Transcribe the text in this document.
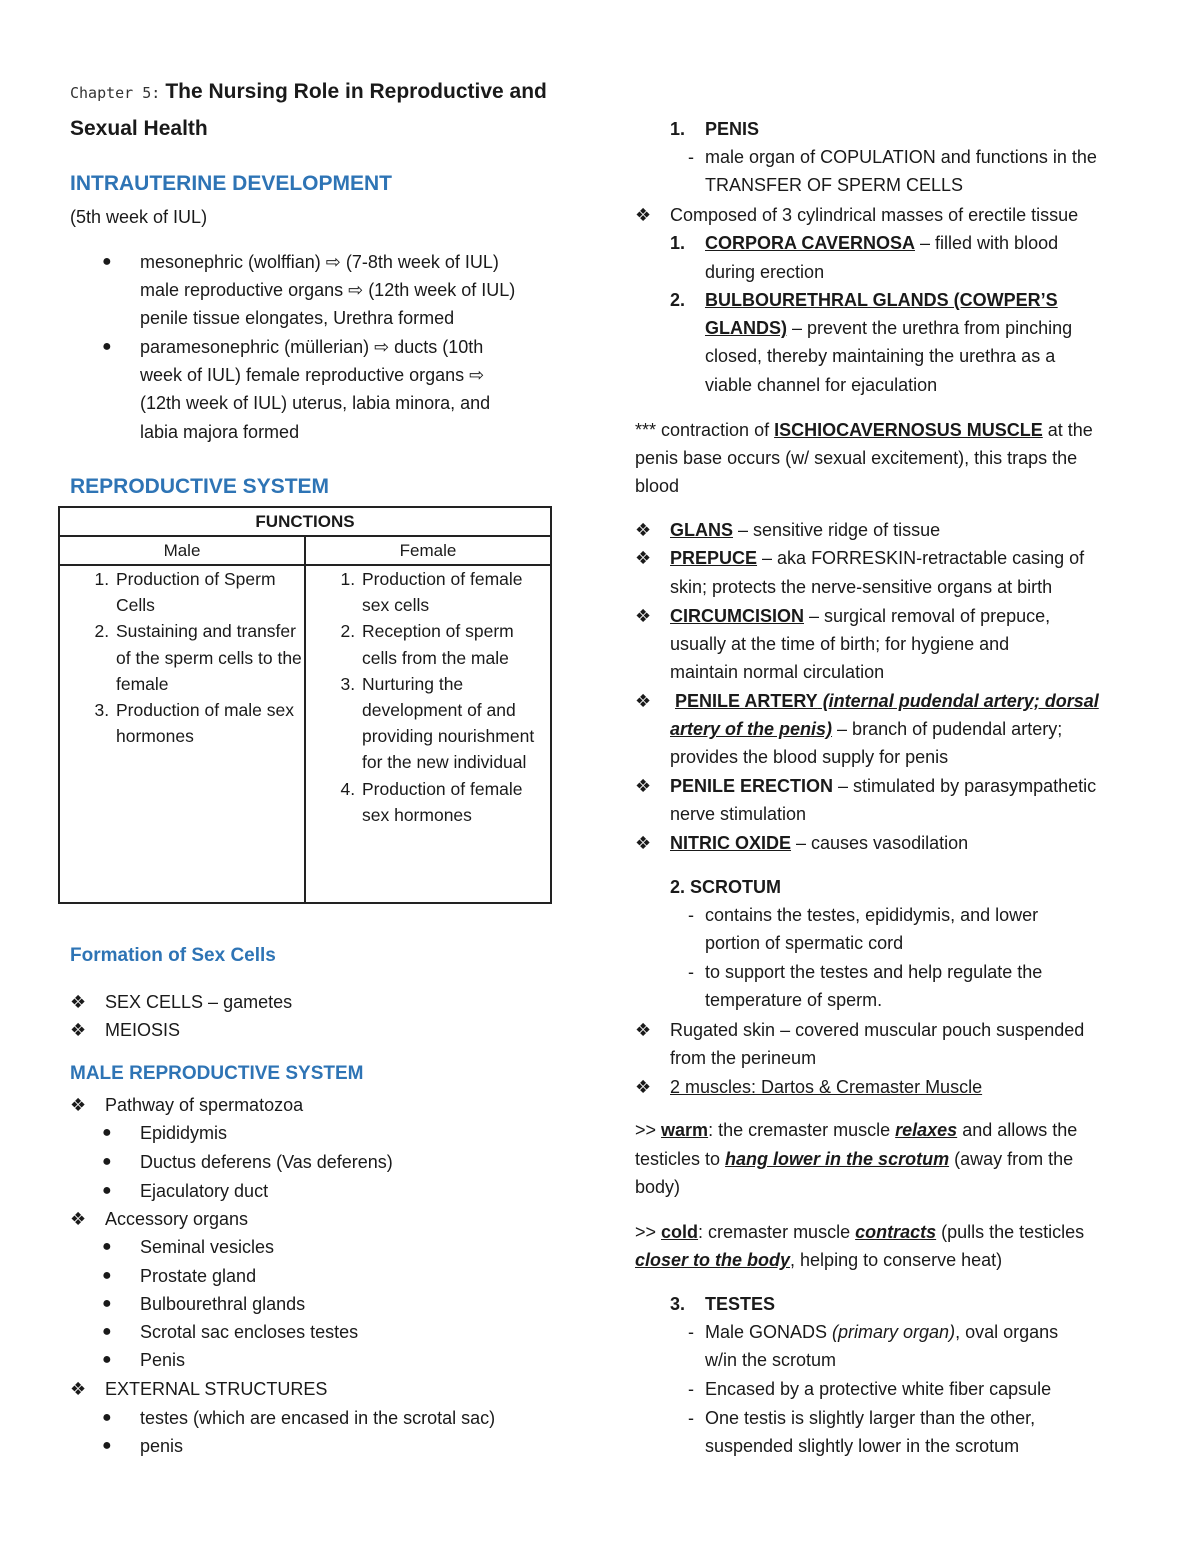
Chapter 5: The Nursing Role in Reproductive and
Sexual Health
INTRAUTERINE DEVELOPMENT
(5th week of IUL)
● mesonephric (wolffian) ⇨ (7-8th week of IUL)
male reproductive organs ⇨ (12th week of IUL)
penile tissue elongates, Urethra formed
● paramesonephric (müllerian) ⇨ ducts (10th
week of IUL) female reproductive organs ⇨
(12th week of IUL) uterus, labia minora, and
labia majora formed
REPRODUCTIVE SYSTEM
Formation of Sex Cells
❖ SEX CELLS – gametes
❖ MEIOSIS
MALE REPRODUCTIVE SYSTEM
❖ Pathway of spermatozoa
● Epididymis
● Ductus deferens (Vas deferens)
● Ejaculatory duct
❖ Accessory organs
● Seminal vesicles
● Prostate gland
● Bulbourethral glands
● Scrotal sac encloses testes
● Penis
❖ EXTERNAL STRUCTURES
● testes (which are encased in the scrotal sac)
● penis
FUNCTIONS
Male	Female
1. Production of Sperm Cells
2. Sustaining and transfer of the sperm cells to the female
3. Production of male sex hormones
1. Production of female sex cells
2. Reception of sperm cells from the male
3. Nurturing the development of and providing nourishment for the new individual
4. Production of female sex hormones
1. PENIS
- male organ of COPULATION and functions in the
TRANSFER OF SPERM CELLS
❖ Composed of 3 cylindrical masses of erectile tissue
1. CORPORA CAVERNOSA – filled with blood
during erection
2. BULBOURETHRAL GLANDS (COWPER’S
GLANDS) – prevent the urethra from pinching
closed, thereby maintaining the urethra as a
viable channel for ejaculation
*** contraction of ISCHIOCAVERNOSUS MUSCLE at the
penis base occurs (w/ sexual excitement), this traps the
blood
❖ GLANS – sensitive ridge of tissue
❖ PREPUCE – aka FORRESKIN-retractable casing of
skin; protects the nerve-sensitive organs at birth
❖ CIRCUMCISION – surgical removal of prepuce,
usually at the time of birth; for hygiene and
maintain normal circulation
❖ PENILE ARTERY (internal pudendal artery; dorsal
artery of the penis) – branch of pudendal artery;
provides the blood supply for penis
❖ PENILE ERECTION – stimulated by parasympathetic
nerve stimulation
❖ NITRIC OXIDE – causes vasodilation
2. SCROTUM
- contains the testes, epididymis, and lower
portion of spermatic cord
- to support the testes and help regulate the
temperature of sperm.
❖ Rugated skin – covered muscular pouch suspended
from the perineum
❖ 2 muscles: Dartos & Cremaster Muscle
>> warm: the cremaster muscle relaxes and allows the
testicles to hang lower in the scrotum (away from the
body)
>> cold: cremaster muscle contracts (pulls the testicles
closer to the body, helping to conserve heat)
3. TESTES
- Male GONADS (primary organ), oval organs
w/in the scrotum
- Encased by a protective white fiber capsule
- One testis is slightly larger than the other,
suspended slightly lower in the scrotum
